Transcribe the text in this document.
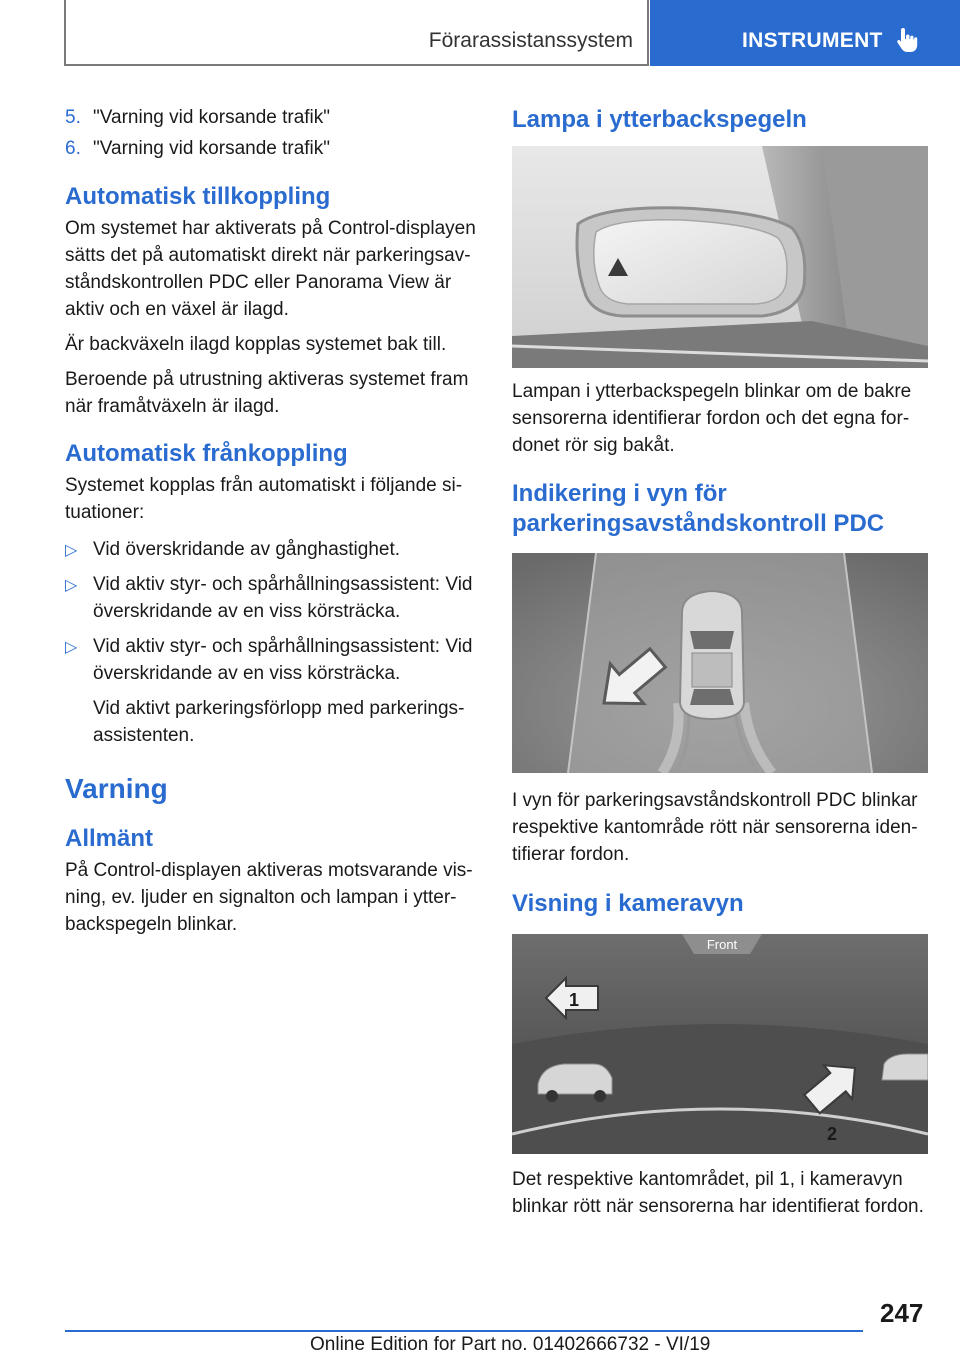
Förarassistanssystem	INSTRUMENT
5. "Varning vid korsande trafik"
6. "Varning vid korsande trafik"
Automatisk tillkoppling

Om systemet har aktiverats på Control-displayen sätts det på automatiskt direkt när parkeringsavståndskontrollen PDC eller Panorama View är aktiv och en växel är ilagd.

Är backväxeln ilagd kopplas systemet bak till.

Beroende på utrustning aktiveras systemet fram när framåtväxeln är ilagd.

Automatisk frånkoppling

Systemet kopplas från automatiskt i följande situationer:

▷ Vid överskridande av gånghastighet.
▷ Vid aktiv styr- och spårhållningsassistent: Vid överskridande av en viss körsträcka.
▷ Vid aktiv styr- och spårhållningsassistent: Vid överskridande av en viss körsträcka.

Vid aktivt parkeringsförlopp med parkeringsassistenten.

Varning
Allmänt

På Control-displayen aktiveras motsvarande visning, ev. ljuder en signalton och lampan i ytterbackspegeln blinkar.

Lampa i ytterbackspegeln

Lampan i ytterbackspegeln blinkar om de bakre sensorerna identifierar fordon och det egna fordonet rör sig bakåt.

Indikering i vyn för parkeringsavståndskontroll PDC

I vyn för parkeringsavståndskontroll PDC blinkar respektive kantområde rött när sensorerna identifierar fordon.

Visning i kameravyn
Front
1
2

Det respektive kantområdet, pil 1, i kameravyn blinkar rött när sensorerna har identifierat fordon.

247
Online Edition for Part no. 01402666732 - VI/19
